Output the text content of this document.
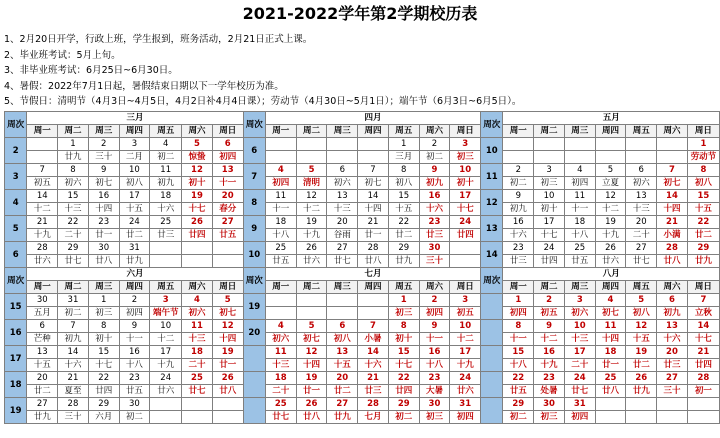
2021-2022学年第2学期校历表
1、2月20日开学，行政上班，学生报到，班务活动，2月21日正式上课。
2、毕业班考试：5月上旬。
3、非毕业班考试：6月25日~6月30日。
4、暑假：2022年7月1日起，暑假结束日期以下一学年校历为准。
5、节假日：清明节（4月3日~4月5日，4月2日补4月4日课）；劳动节（4月30日~5月1日）；端午节（6月3日~6月5日）。
周次	三月							周次	四月							周次	五月						
	周一	周二	周三	周四	周五	周六	周日		周一	周二	周三	周四	周五	周六	周日		周一	周二	周三	周四	周五	周六	周日
2		1	2	3	4	5	6	6					1	2	3	10							1
		廿九	三十	二月	初二	惊蛰	初四						三月	初二	初三								劳动节
3	7	8	9	10	11	12	13	7	4	5	6	7	8	9	10	11	2	3	4	5	6	7	8
	初五	初六	初七	初八	初九	初十	十一		初四	清明	初六	初七	初八	初九	初十		初二	初三	初四	立夏	初六	初七	初八
4	14	15	16	17	18	19	20	8	11	12	13	14	15	16	17	12	9	10	11	12	13	14	15
	十二	十三	十四	十五	十六	十七	春分		十一	十二	十三	十四	十五	十六	十七		初九	初十	十一	十二	十三	十四	十五
5	21	22	23	24	25	26	27	9	18	19	20	21	22	23	24	13	16	17	18	19	20	21	22
	十九	二十	廿一	廿二	廿三	廿四	廿五		十八	十九	谷雨	廿一	廿二	廿三	廿四		十六	十七	十八	十九	二十	小满	廿二
6	28	29	30	31				10	25	26	27	28	29	30		14	23	24	25	26	27	28	29
	廿六	廿七	廿八	廿九					廿五	廿六	廿七	廿八	廿九	三十			廿三	廿四	廿五	廿六	廿七	廿八	廿九
周次	六月							周次	七月							周次	八月						
	周一	周二	周三	周四	周五	周六	周日		周一	周二	周三	周四	周五	周六	周日		周一	周二	周三	周四	周五	周六	周日
15	30	31	1	2	3	4	5	19					1	2	3		1	2	3	4	5	6	7
	五月	初二	初三	初四	端午节	初六	初七						初三	初四	初五		初四	初五	初六	初七	初八	初九	立秋
16	6	7	8	9	10	11	12	20	4	5	6	7	8	9	10		8	9	10	11	12	13	14
	芒种	初九	初十	十一	十二	十三	十四		初六	初七	初八	小暑	初十	十一	十二		十一	十二	十三	十四	十五	十六	十七
17	13	14	15	16	17	18	19		11	12	13	14	15	16	17		15	16	17	18	19	20	21
	十五	十六	十七	十八	十九	二十	廿一		十三	十四	十五	十六	十七	十八	十九		十八	十九	二十	廿一	廿二	廿三	廿四
18	20	21	22	23	24	25	26		18	19	20	21	22	23	24		22	23	24	25	26	27	28
	廿二	夏至	廿四	廿五	廿六	廿七	廿八		二十	廿一	廿二	廿三	廿四	大暑	廿六		廿五	处暑	廿七	廿八	廿九	三十	初一
19	27	28	29	30					25	26	27	28	29	30	31		29	30	31				
	廿九	三十	六月	初二					廿七	廿八	廿九	七月	初二	初三	初四		初二	初三	初四				
